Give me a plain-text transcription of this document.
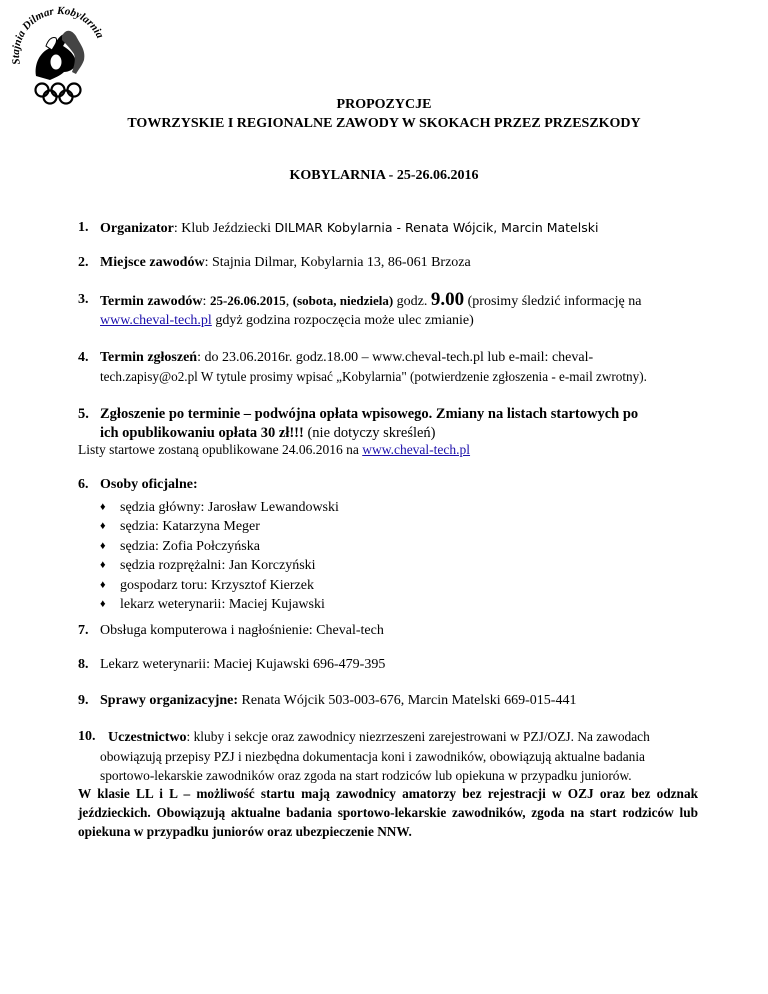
Stajnia Dilmar Kobylarnia
PROPOZYCJE
TOWRZYSKIE I REGIONALNE ZAWODY W SKOKACH PRZEZ PRZESZKODY
KOBYLARNIA - 25-26.06.2016
1. Organizator: Klub Jeździecki DILMAR Kobylarnia - Renata Wójcik, Marcin Matelski
2. Miejsce zawodów: Stajnia Dilmar, Kobylarnia 13, 86-061 Brzoza
3. Termin zawodów: 25-26.06.2015, (sobota, niedziela) godz. 9.00 (prosimy śledzić informację na
www.cheval-tech.pl gdyż godzina rozpoczęcia może ulec zmianie)
4. Termin zgłoszeń: do 23.06.2016r. godz.18.00 – www.cheval-tech.pl lub e-mail: cheval-
tech.zapisy@o2.pl W tytule prosimy wpisać „Kobylarnia" (potwierdzenie zgłoszenia - e-mail zwrotny).
5. Zgłoszenie po terminie – podwójna opłata wpisowego. Zmiany na listach startowych po
ich opublikowaniu opłata 30 zł!!! (nie dotyczy skreśleń)
Listy startowe zostaną opublikowane 24.06.2016 na www.cheval-tech.pl
6. Osoby oficjalne:
♦ sędzia główny: Jarosław Lewandowski
♦ sędzia: Katarzyna Meger
♦ sędzia: Zofia Połczyńska
♦ sędzia rozprężalni: Jan Korczyński
♦ gospodarz toru: Krzysztof Kierzek
♦ lekarz weterynarii: Maciej Kujawski
7. Obsługa komputerowa i nagłośnienie: Cheval-tech
8. Lekarz weterynarii: Maciej Kujawski 696-479-395
9. Sprawy organizacyjne: Renata Wójcik 503-003-676, Marcin Matelski 669-015-441
10. Uczestnictwo: kluby i sekcje oraz zawodnicy niezrzeszeni zarejestrowani w PZJ/OZJ. Na zawodach
obowiązują przepisy PZJ i niezbędna dokumentacja koni i zawodników, obowiązują aktualne badania
sportowo-lekarskie zawodników oraz zgoda na start rodziców lub opiekuna w przypadku juniorów.
W klasie LL i L – możliwość startu mają zawodnicy amatorzy bez rejestracji w OZJ oraz bez odznak jeździeckich. Obowiązują aktualne badania sportowo-lekarskie zawodników, zgoda na start rodziców lub opiekuna w przypadku juniorów oraz ubezpieczenie NNW.
